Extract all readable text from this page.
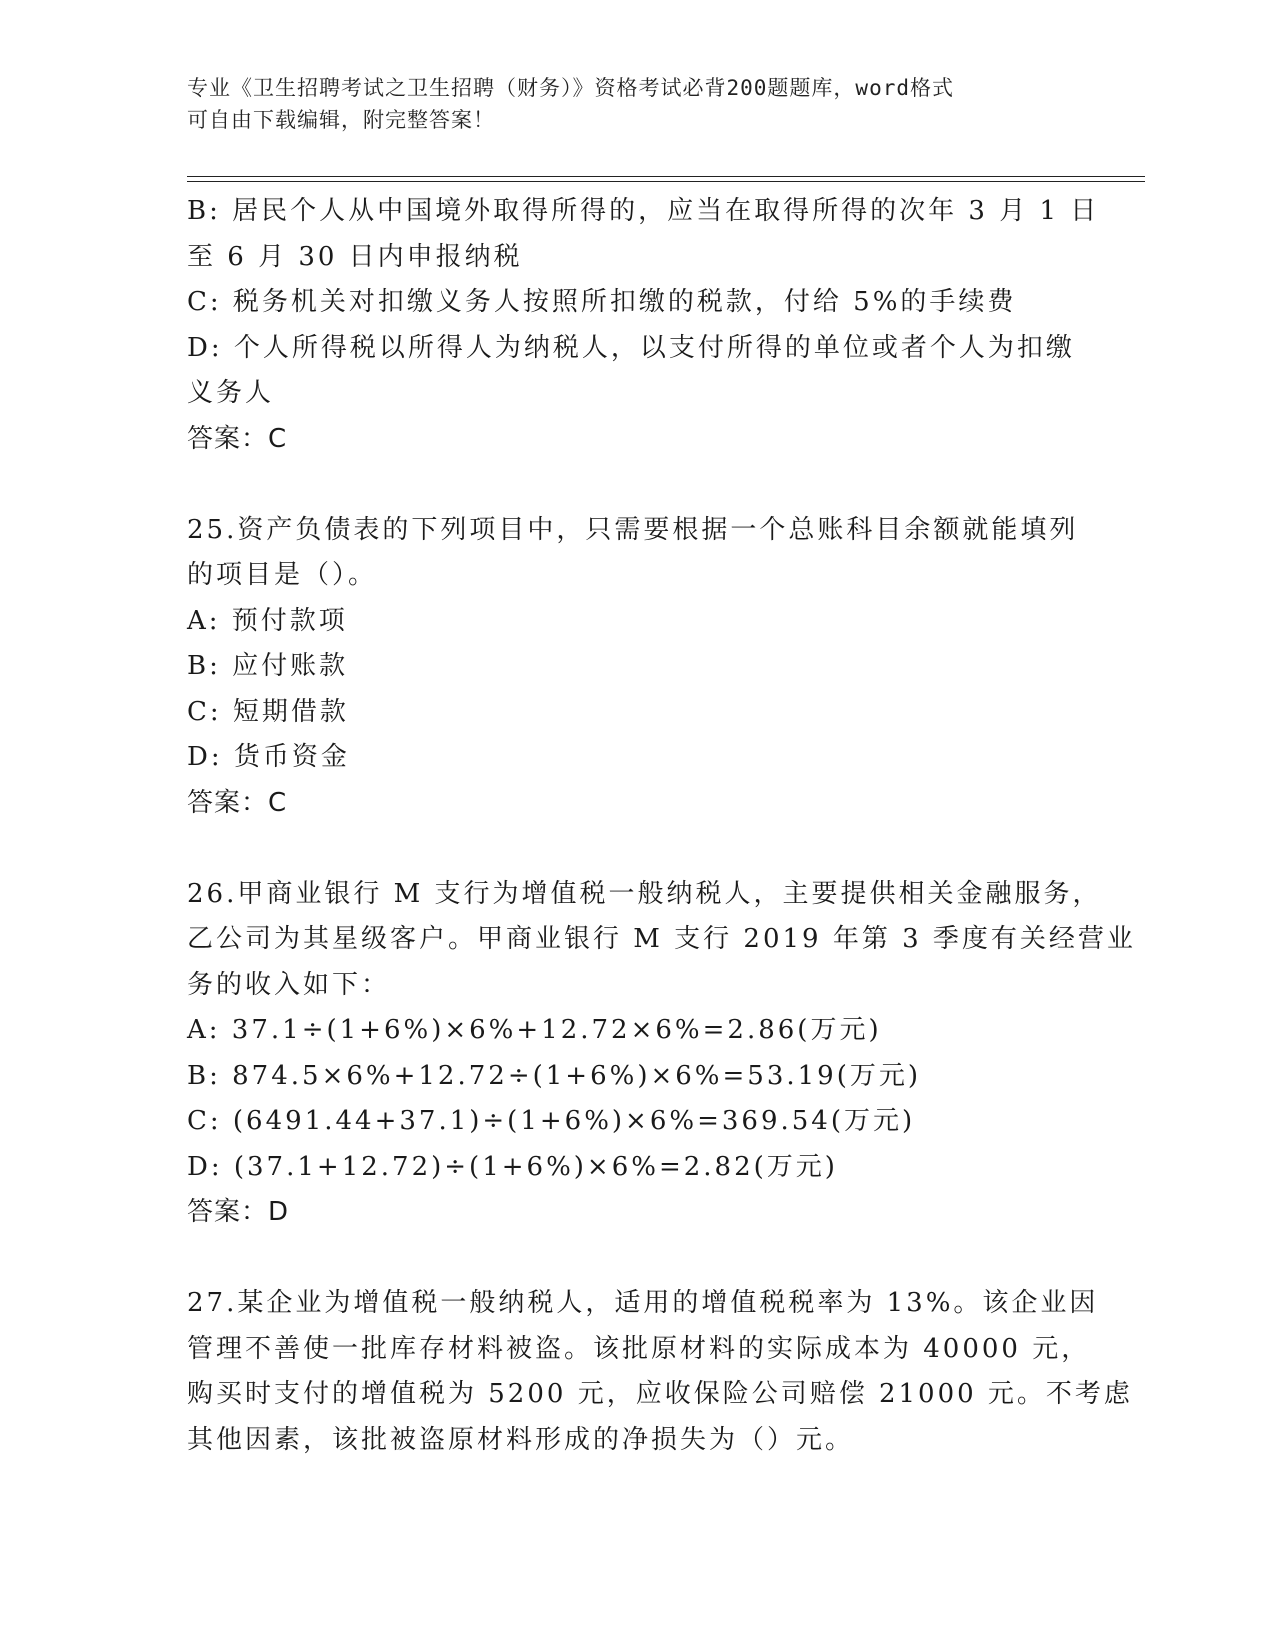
专业《卫生招聘考试之卫生招聘（财务）》资格考试必背200题题库，word格式
可自由下载编辑，附完整答案！
B: 居民个人从中国境外取得所得的，应当在取得所得的次年 3 月 1 日
至 6 月 30 日内申报纳税
C: 税务机关对扣缴义务人按照所扣缴的税款，付给 5%的手续费
D: 个人所得税以所得人为纳税人，以支付所得的单位或者个人为扣缴
义务人
答案：C
25.资产负债表的下列项目中，只需要根据一个总账科目余额就能填列
的项目是（）。
A: 预付款项
B: 应付账款
C: 短期借款
D: 货币资金
答案：C
26.甲商业银行 M 支行为增值税一般纳税人，主要提供相关金融服务，
乙公司为其星级客户。甲商业银行 M 支行 2019 年第 3 季度有关经营业
务的收入如下：
A: 37.1÷(1+6%)×6%+12.72×6%=2.86(万元)
B: 874.5×6%+12.72÷(1+6%)×6%=53.19(万元)
C: (6491.44+37.1)÷(1+6%)×6%=369.54(万元)
D: (37.1+12.72)÷(1+6%)×6%=2.82(万元)
答案：D
27.某企业为增值税一般纳税人，适用的增值税税率为 13%。该企业因
管理不善使一批库存材料被盗。该批原材料的实际成本为 40000 元，
购买时支付的增值税为 5200 元，应收保险公司赔偿 21000 元。不考虑
其他因素，该批被盗原材料形成的净损失为（）元。
